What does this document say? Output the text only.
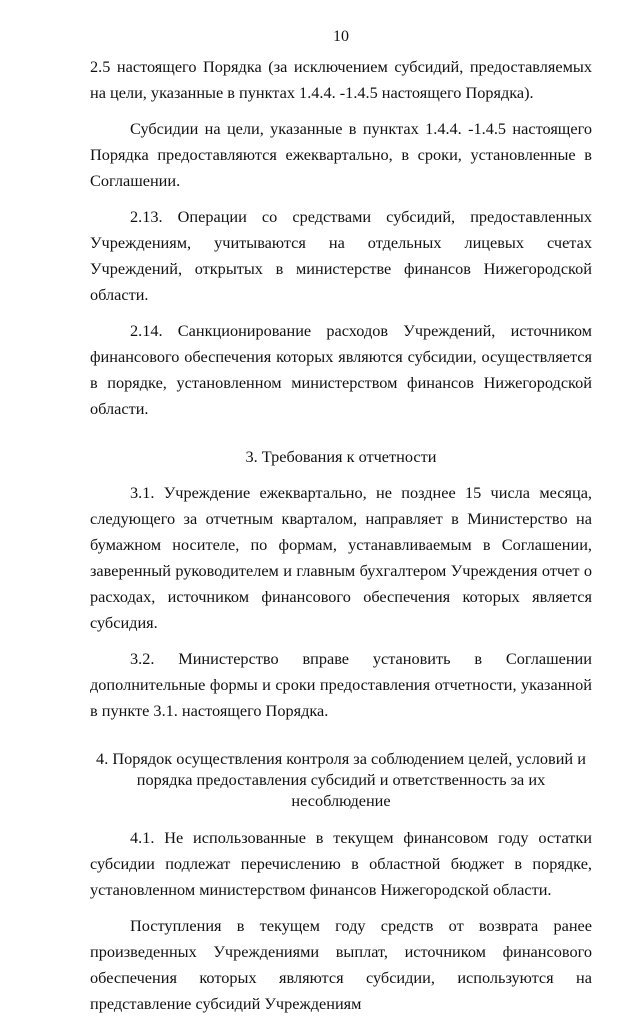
10

2.5 настоящего Порядка (за исключением субсидий, предоставляемых на цели, указанные в пунктах 1.4.4. -1.4.5 настоящего Порядка).

Субсидии на цели, указанные в пунктах 1.4.4. -1.4.5 настоящего Порядка предоставляются ежеквартально, в сроки, установленные в Соглашении.

2.13. Операции со средствами субсидий, предоставленных Учреждениям, учитываются на отдельных лицевых счетах Учреждений, открытых в министерстве финансов Нижегородской области.

2.14. Санкционирование расходов Учреждений, источником финансового обеспечения которых являются субсидии, осуществляется в порядке, установленном министерством финансов Нижегородской области.

3. Требования к отчетности

3.1. Учреждение ежеквартально, не позднее 15 числа месяца, следующего за отчетным кварталом, направляет в Министерство на бумажном носителе, по формам, устанавливаемым в Соглашении, заверенный руководителем и главным бухгалтером Учреждения отчет о расходах, источником финансового обеспечения которых является субсидия.

3.2. Министерство вправе установить в Соглашении дополнительные формы и сроки предоставления отчетности, указанной в пункте 3.1. настоящего Порядка.

4. Порядок осуществления контроля за соблюдением целей, условий и
порядка предоставления субсидий и ответственность за их несоблюдение

4.1. Не использованные в текущем финансовом году остатки субсидии подлежат перечислению в областной бюджет в порядке, установленном министерством финансов Нижегородской области.

Поступления в текущем году средств от возврата ранее произведенных Учреждениями выплат, источником финансового обеспечения которых являются субсидии, используются на представление субсидий Учреждениям
